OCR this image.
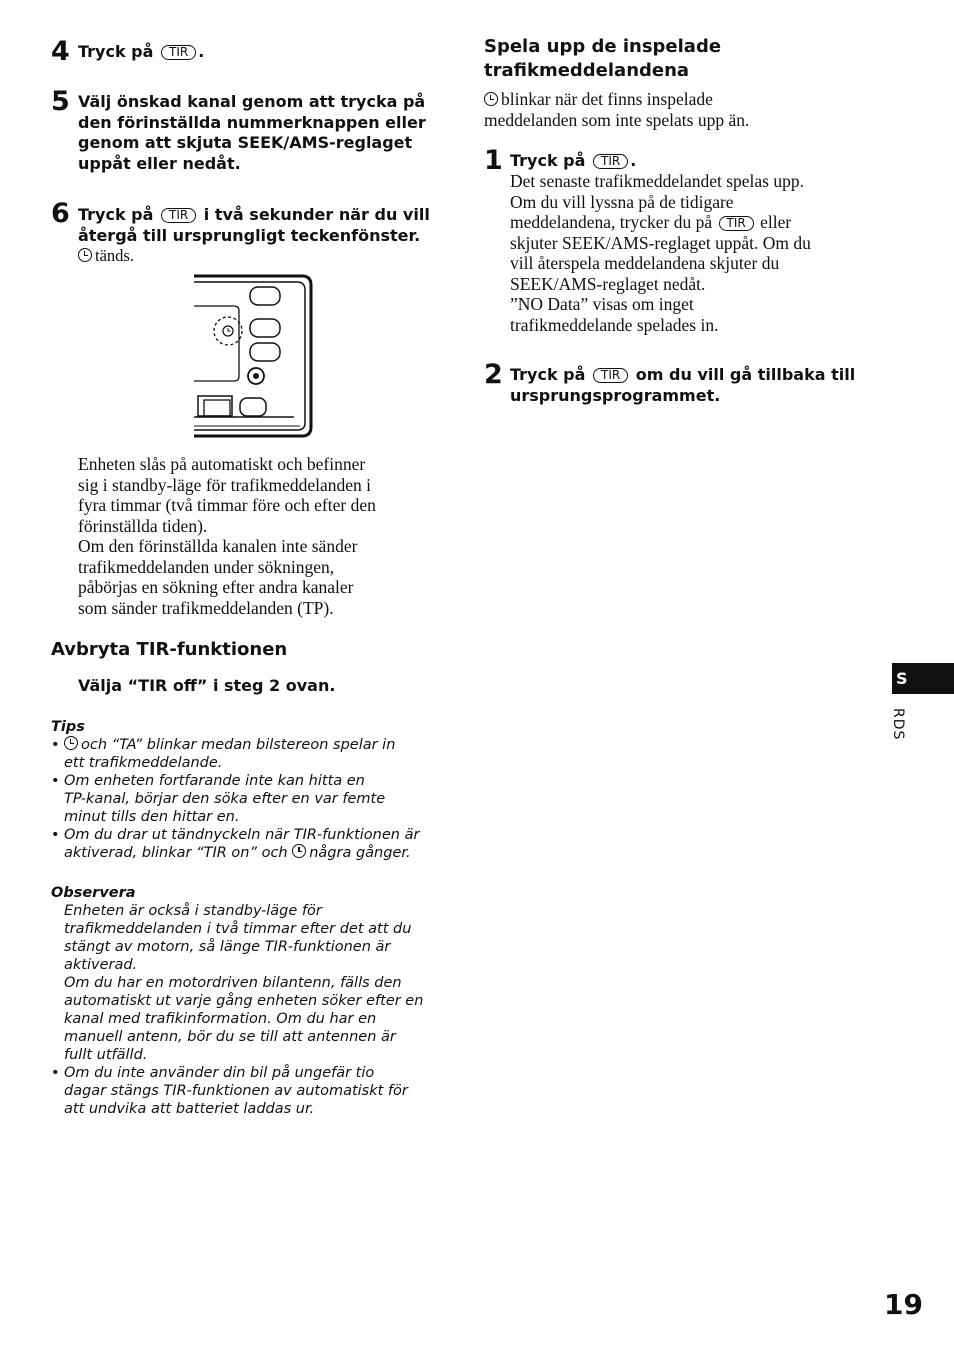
4 Tryck på TIR .
5 Välj önskad kanal genom att trycka på
den förinställda nummerknappen eller
genom att skjuta SEEK/AMS-reglaget
uppåt eller nedåt.
6 Tryck på TIR i två sekunder när du vill
återgå till ursprungligt teckenfönster.
tänds.
Enheten slås på automatiskt och befinner
sig i standby-läge för trafikmeddelanden i
fyra timmar (två timmar före och efter den
förinställda tiden).
Om den förinställda kanalen inte sänder
trafikmeddelanden under sökningen,
påbörjas en sökning efter andra kanaler
som sänder trafikmeddelanden (TP).
Avbryta TIR-funktionen
Välja “TIR off” i steg 2 ovan.
Tips
• och “TA” blinkar medan bilstereon spelar in
ett trafikmeddelande.
• Om enheten fortfarande inte kan hitta en
TP-kanal, börjar den söka efter en var femte
minut tills den hittar en.
• Om du drar ut tändnyckeln när TIR-funktionen är
aktiverad, blinkar “TIR on” och några gånger.
Observera
Enheten är också i standby-läge för
trafikmeddelanden i två timmar efter det att du
stängt av motorn, så länge TIR-funktionen är
aktiverad.
Om du har en motordriven bilantenn, fälls den
automatiskt ut varje gång enheten söker efter en
kanal med trafikinformation. Om du har en
manuell antenn, bör du se till att antennen är
fullt utfälld.
• Om du inte använder din bil på ungefär tio
dagar stängs TIR-funktionen av automatiskt för
att undvika att batteriet laddas ur.
Spela upp de inspelade
trafikmeddelandena
blinkar när det finns inspelade
meddelanden som inte spelats upp än.
1 Tryck på TIR .
Det senaste trafikmeddelandet spelas upp.
Om du vill lyssna på de tidigare
meddelandena, trycker du på TIR eller
skjuter SEEK/AMS-reglaget uppåt. Om du
vill återspela meddelandena skjuter du
SEEK/AMS-reglaget nedåt.
”NO Data” visas om inget
trafikmeddelande spelades in.
2 Tryck på TIR om du vill gå tillbaka till
ursprungsprogrammet.
S
RDS
19
